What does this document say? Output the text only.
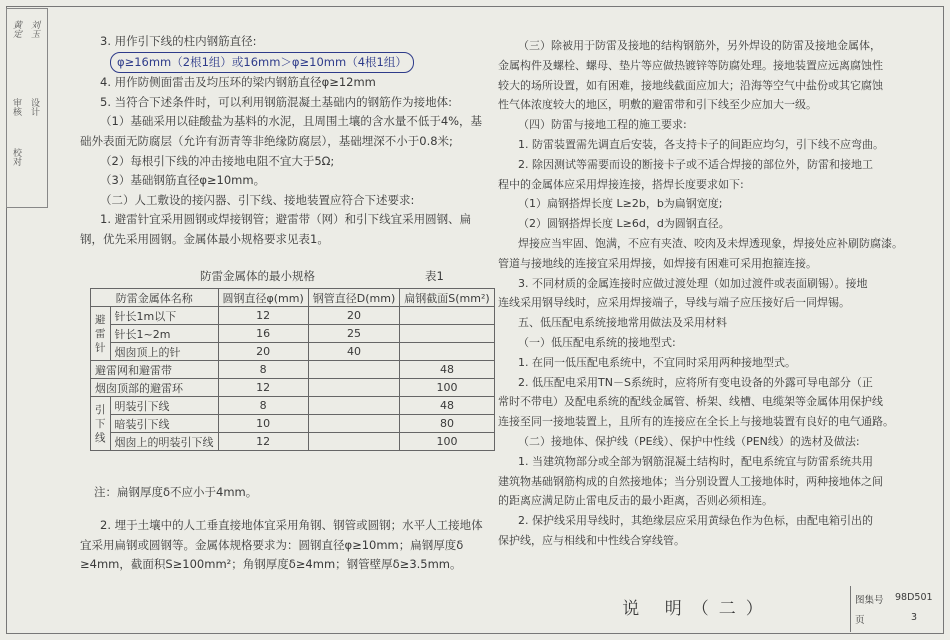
审核
校对
设计
黄定 刘玉

3. 用作引下线的柱内钢筋直径:

φ≥16mm（2根1组）或16mm＞φ≥10mm（4根1组）

4. 用作防侧面雷击及均压环的梁内钢筋直径φ≥12mm

5. 当符合下述条件时，可以利用钢筋混凝土基础内的钢筋作为接地体:

（1）基础采用以硅酸盐为基料的水泥，且周围土壤的含水量不低于4%，基

础外表面无防腐层（允许有沥青等非绝缘防腐层），基础埋深不小于0.8米;

（2）每根引下线的冲击接地电阻不宜大于5Ω;

（3）基础钢筋直径φ≥10mm。

（二）人工敷设的接闪器、引下线、接地装置应符合下述要求:

1. 避雷针宜采用圆钢或焊接钢管；避雷带（网）和引下线宜采用圆钢、扁

钢，优先采用圆钢。金属体最小规格要求见表1。

防雷金属体的最小规格	表1
防雷金属体名称		圆钢直径φ(mm)	钢管直径D(mm)	扁钢截面S(mm²)
避雷针	针长1m以下	12	20	
	针长1~2m	16	25	
	烟囱顶上的针	20	40	
避雷网和避雷带		8		48
烟囱顶部的避雷环		12		100
引下线	明装引下线	8		48
	暗装引下线	10		80
	烟囱上的明装引下线	12		100
注：扁钢厚度δ不应小于4mm。

2. 埋于土壤中的人工垂直接地体宜采用角钢、钢管或圆钢；水平人工接地体

宜采用扁钢或圆钢等。金属体规格要求为：圆钢直径φ≥10mm；扁钢厚度δ

≥4mm，截面积S≥100mm²；角钢厚度δ≥4mm；钢管壁厚δ≥3.5mm。

（三）除被用于防雷及接地的结构钢筋外，另外焊设的防雷及接地金属体，

金属构件及螺栓、螺母、垫片等应做热镀锌等防腐处理。接地装置应远离腐蚀性

较大的场所设置，如有困难，接地线截面应加大；沿海等空气中盐份或其它腐蚀

性气体浓度较大的地区，明敷的避雷带和引下线至少应加大一级。

（四）防雷与接地工程的施工要求:

1. 防雷装置需先调直后安装，各支持卡子的间距应均匀，引下线不应弯曲。

2. 除因测试等需要而设的断接卡子或不适合焊接的部位外，防雷和接地工

程中的金属体应采用焊接连接，搭焊长度要求如下:

（1）扁钢搭焊长度 L≥2b，b为扁钢宽度;

（2）圆钢搭焊长度 L≥6d，d为圆钢直径。

焊接应当牢固、饱满，不应有夹渣、咬肉及未焊透现象，焊接处应补刷防腐漆。

管道与接地线的连接宜采用焊接，如焊接有困难可采用抱箍连接。

3. 不同材质的金属连接时应做过渡处理（如加过渡件或表面刷锡）。接地

连线采用钢导线时，应采用焊接端子，导线与端子应压接好后一同焊锡。

五、低压配电系统接地常用做法及采用材料

（一）低压配电系统的接地型式:

1. 在同一低压配电系统中，不宜同时采用两种接地型式。

2. 低压配电采用TN－S系统时，应将所有变电设备的外露可导电部分（正

常时不带电）及配电系统的配线金属管、桥架、线槽、电缆架等金属体用保护线

连接至同一接地装置上，且所有的连接应在全长上与接地装置有良好的电气通路。

（二）接地体、保护线（PE线）、保护中性线（PEN线）的选材及做法:

1. 当建筑物部分或全部为钢筋混凝土结构时，配电系统宜与防雷系统共用

建筑物基础钢筋构成的自然接地体；当分别设置人工接地体时，两种接地体之间

的距离应满足防止雷电反击的最小距离，否则必须相连。

2. 保护线采用导线时，其绝缘层应采用黄绿色作为色标，由配电箱引出的

保护线，应与相线和中性线合穿线管。

说 明（二）	图集号 98D501
页	3
